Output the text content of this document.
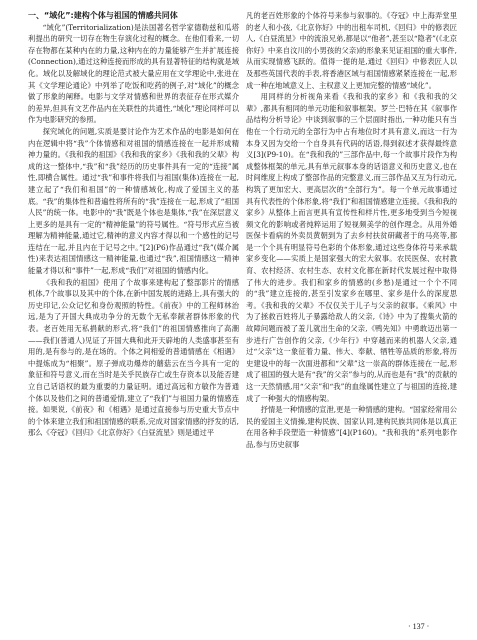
一、“域化”:建构个体与祖国的情感共同体

“域化”(Territorialization)是法国著名哲学家德勒兹和瓜塔利提出的研究一切存在物生存演化过程的概念。在他们看来,一切存在物都在某种内在的力量,这种内在的力量能够产生并扩展连接(Connection),通过这种连接而形成的具有显著特征的结构就是域化。域化以及解域化的理论范式被大量应用在文学理论中,张进在其《文学理论通论》中列举了吃饭和吃药的例子,对“域化”的概念做了形象的阐释。电影与文学对情感和世界的表征存在形式媒介的差异,但具有文艺作品内在关联性的共通性,“域化”理论同样可以作为电影研究的参照。

探究域化的问题,实质是要讨论作为艺术作品的电影是如何在内在逻辑中将“我”个体情感和对祖国的情感连接在一起并形成精神力量的。《我和我的祖国》《我和我的家乡》《我和我的父辈》构成的这一整体中,“我”和“我”经历的历史事件具有一定的“连接”属性,即横合属性。通过“我”和事件将我们与祖国(集体)连接在一起,建立起了“我们和祖国”的一种情感域化,构成了爱国主义的基底。“我”的集体性和普遍性将所有的“我”连接在一起,形成了“祖国人民”的统一体。电影中的“我”既是个体也是集体,“我”在深层意义上更多的是具有一定的“精神能量”的符号属性。“符号形式应当被理解为精神能量,通过它,精神的意义内容才得以和一个感性的记号连结在一起,并且内在于记号之中。”[2](P6)作品通过“我”(媒介属性)来表达祖国情感这一精神能量,也通过“我”,祖国情感这一精神能量才得以和“事件”一起,形成“我们”对祖国的情感内化。

《我和我的祖国》使用了个故事来建构起了整部影片的情感机体,7个故事以及其中的个体,在新中国发展的进路上,具有强大的历史印记,公众记忆和身份观照的特性。《前夜》中的工程师林治远,是为了开国大典成功争分的无数个无私奉献者群体形象的代表。老百姓用无私捐献的形式,将“我们”的祖国情感推向了高潮——我们(普通人)见证了开国大典和此开天辟地的人类盛事甚至有用的,是有参与的,是在场的。个体之间相爱的普通情感在《相遇》中提炼成为“相聚”。原子弹成功爆炸的蘑菇云在当今具有一定的象征和符号意义,而在当时是关乎民族存亡或生存资本以及能否建立自己话语权的最为重要的力量证明。通过高远和方敏作为普通个体以及他们之间的普通爱情,建立了“我们”与祖国力量的情感连接。如果说,《前夜》和《相遇》是通过直接参与历史重大节点中的个体来建立我们和祖国情感的联系,完成对国家情感的抒发的话,那么《夺冠》《回归》《北京你好》《白昼流星》则是通过平

凡的老百姓形象的个体符号来参与叙事的。《夺冠》中上海弄堂里的老人和小孩,《北京你好》中的出租车司机,《回归》中的修表匠人,《白昼流星》中的流浪兄弟,都是以“他者”,甚至以“隐者”(《北京你好》中来自汶川的小男孩的父亲)的形象来见证祖国的重大事件,从而实现情感飞跃的。值得一提的是,通过《回归》中修表匠人以及那些英国代表的手表,将香港区域与祖国情感紧紧连接在一起,形成一种在地域意义上、主权意义上更加完整的情感“域化”。

用同样的分析视角来看《我和我的家乡》和《我和我的父辈》,都具有相同的单元功能和叙事框架。罗兰·巴特在其《叙事作品结构分析导论》中谈到叙事的三个层面时指出,一种功能只有当他在一个行动元的全部行为中占有地位时才具有意义,而这一行为本身又因为交给一个自身具有代码的话语,得到叙述才获得最终意义[3](P9-10)。在“我和我的”三部作品中,每一个故事片段作为构成整体框架的单元,具有单元叙事本身的话语意义和历史意义,也在时间维度上构成了整部作品的完整意义,而三部作品又互为行动元,构筑了更加宏大、更高层次的“全部行为”。每一个单元故事通过具有代表性的个体形象,将“我们”和祖国情感建立连接。《我和我的家乡》从整体上而言更具有宣传性和样片性,更多地受到当今短视频文化的影响或者纯粹运用了短视频美学的创作理念。从用外婚医保卡看病的外卖员黄朝到为了去乡村扶贫研藏者于的马亮等,都是一个个具有明显符号色彩的个体形象,通过这些身体符号来承载家乡变化——实质上是国家强大的宏大叙事。农民医保、农村教育、农村经济、农村生态、农村文化都在新时代发展过程中取得了伟大的进步。我们和家乡的情感的(乡愁)是通过一个个不同的“我”建立连接的,甚至引发家乡在哪里、家乡是什么的深度思考。《我和我的父辈》不仅仅关于儿子与父亲的叙事。《乘风》中为了拯救百姓将儿子暴露给敌人的父亲,《诗》中为了搜集火箭的故障问题而被了羞儿就出生命的父亲,《鸭先知》中勇敢迈出第一步进行广告创作的父亲,《少年行》中穿越而来的机器人父亲,通过“父亲”这一象征着力量、伟大、奉献、牺牲等品质的形象,将历史建设中的每一次面进都和“父辈”这一崇高的群体连接在一起,形成了祖国的强大是有“我”的父亲”参与的,从而也是有“我”的贡献的这一天然情感,用“父亲”和“我”的血缘属性建立了与祖国的连接,建成了一种强大的情感构架。

抒情是一种情感的宣泄,更是一种情感的建构。“国家经常用公民的爱国主义情操,建构民族、国家认同,建构民族共同体是以真正在用各种手段塑造一种情感”[4](P160)。“我和我的”系列电影作品,参与历史叙事

· 137 ·
